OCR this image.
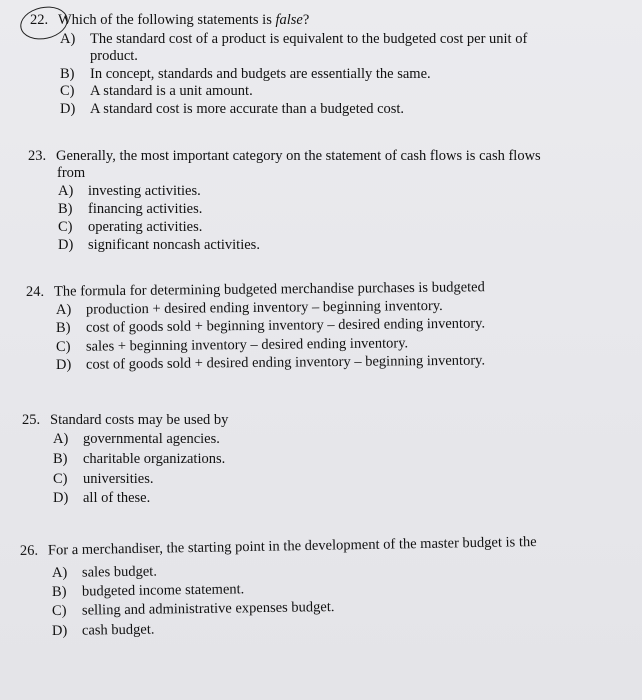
22. Which of the following statements is false?
A) The standard cost of a product is equivalent to the budgeted cost per unit of
product.
B) In concept, standards and budgets are essentially the same.
C) A standard is a unit amount.
D) A standard cost is more accurate than a budgeted cost.
23. Generally, the most important category on the statement of cash flows is cash flows
from
A) investing activities.
B) financing activities.
C) operating activities.
D) significant noncash activities.
24. The formula for determining budgeted merchandise purchases is budgeted
A) production + desired ending inventory – beginning inventory.
B) cost of goods sold + beginning inventory – desired ending inventory.
C) sales + beginning inventory – desired ending inventory.
D) cost of goods sold + desired ending inventory – beginning inventory.
25. Standard costs may be used by
A) governmental agencies.
B) charitable organizations.
C) universities.
D) all of these.
26. For a merchandiser, the starting point in the development of the master budget is the
A) sales budget.
B) budgeted income statement.
C) selling and administrative expenses budget.
D) cash budget.
